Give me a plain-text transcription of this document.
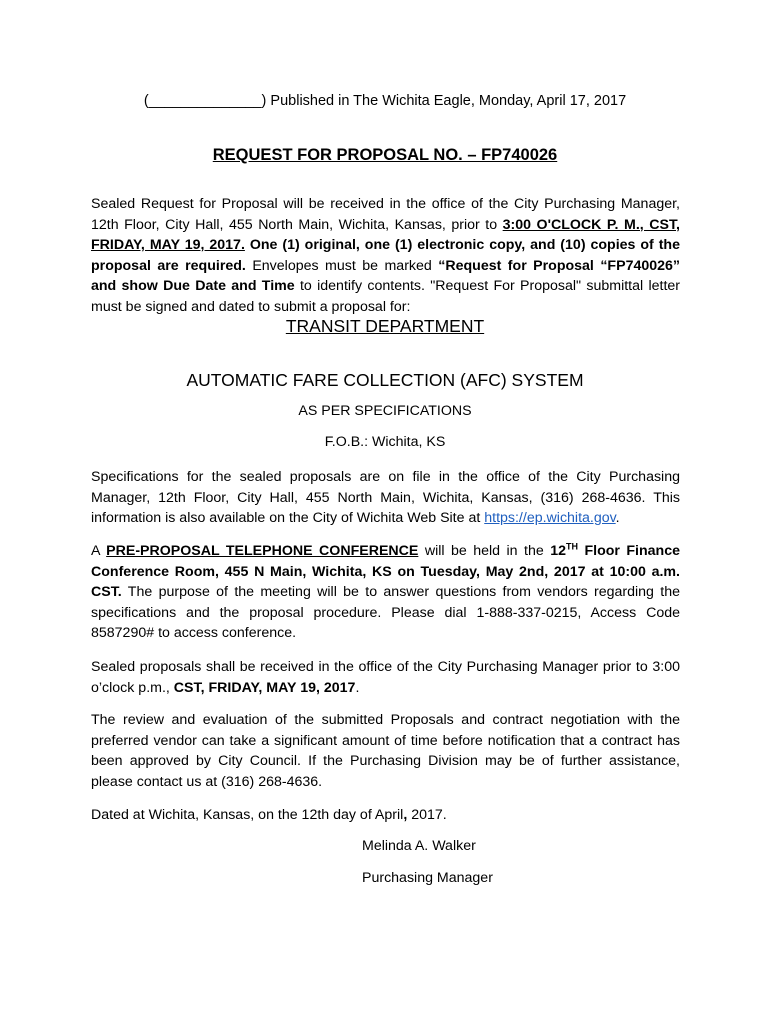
(______________) Published in The Wichita Eagle, Monday, April 17, 2017
REQUEST FOR PROPOSAL NO. – FP740026

Sealed Request for Proposal will be received in the office of the City Purchasing Manager, 12th Floor, City Hall, 455 North Main, Wichita, Kansas, prior to 3:00 O'CLOCK P. M., CST, FRIDAY, MAY 19, 2017. One (1) original, one (1) electronic copy, and (10) copies of the proposal are required. Envelopes must be marked “Request for Proposal “FP740026” and show Due Date and Time to identify contents. "Request For Proposal" submittal letter must be signed and dated to submit a proposal for:

TRANSIT DEPARTMENT

AUTOMATIC FARE COLLECTION (AFC) SYSTEM

AS PER SPECIFICATIONS

F.O.B.: Wichita, KS

Specifications for the sealed proposals are on file in the office of the City Purchasing Manager, 12th Floor, City Hall, 455 North Main, Wichita, Kansas, (316) 268-4636. This information is also available on the City of Wichita Web Site at https://ep.wichita.gov.

A PRE-PROPOSAL TELEPHONE CONFERENCE will be held in the 12TH Floor Finance Conference Room, 455 N Main, Wichita, KS on Tuesday, May 2nd, 2017 at 10:00 a.m. CST. The purpose of the meeting will be to answer questions from vendors regarding the specifications and the proposal procedure. Please dial 1-888-337-0215, Access Code 8587290# to access conference.

Sealed proposals shall be received in the office of the City Purchasing Manager prior to 3:00 o’clock p.m., CST, FRIDAY, MAY 19, 2017.

The review and evaluation of the submitted Proposals and contract negotiation with the preferred vendor can take a significant amount of time before notification that a contract has been approved by City Council. If the Purchasing Division may be of further assistance, please contact us at (316) 268-4636.

Dated at Wichita, Kansas, on the 12th day of April, 2017.

Melinda A. Walker

Purchasing Manager
